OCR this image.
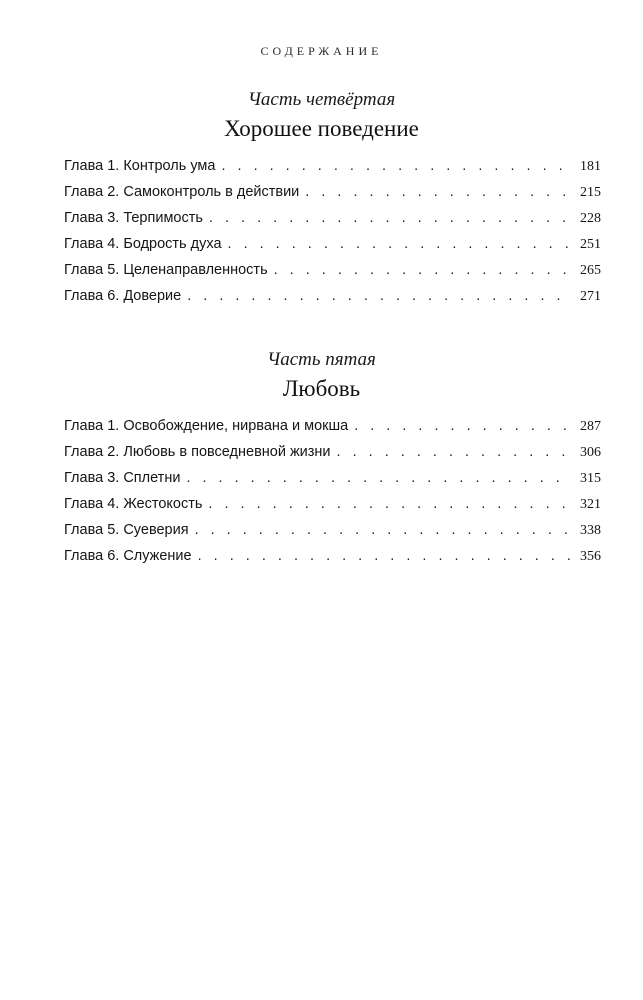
СОДЕРЖАНИЕ
Часть четвёртая
Хорошее поведение
Глава 1. Контроль ума . . .	181
Глава 2. Самоконтроль в действии . . .	215
Глава 3. Терпимость . . .	228
Глава 4. Бодрость духа . . .	251
Глава 5. Целенаправленность . . .	265
Глава 6. Доверие . . .	271
Часть пятая
Любовь
Глава 1. Освобождение, нирвана и мокша . . .	287
Глава 2. Любовь в повседневной жизни . . .	306
Глава 3. Сплетни . . .	315
Глава 4. Жестокость . . .	321
Глава 5. Суеверия . . .	338
Глава 6. Служение . . .	356
